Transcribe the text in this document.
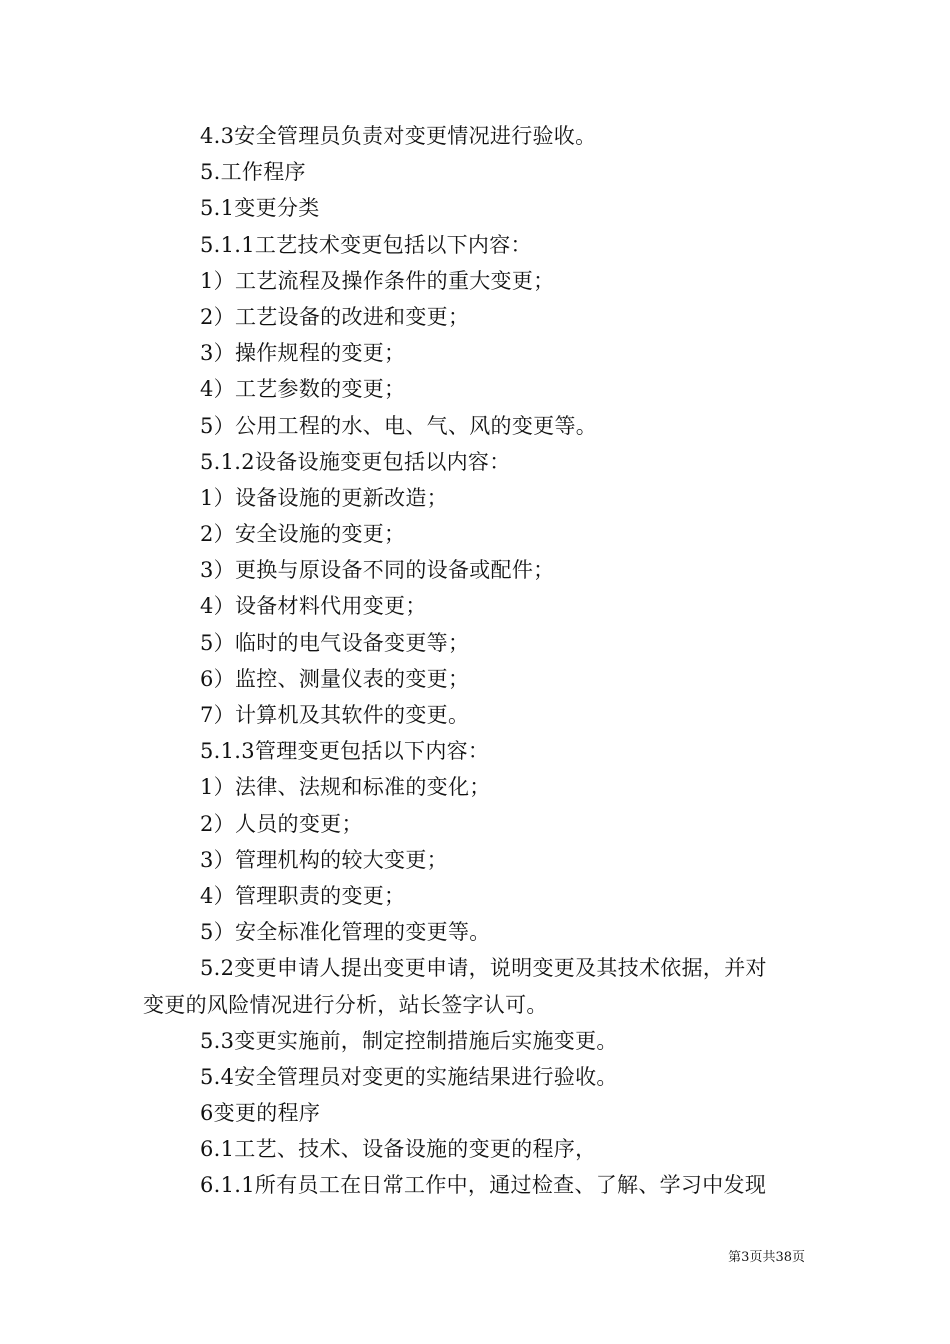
4.3安全管理员负责对变更情况进行验收。
5.工作程序
5.1变更分类
5.1.1工艺技术变更包括以下内容：
1）工艺流程及操作条件的重大变更；
2）工艺设备的改进和变更；
3）操作规程的变更；
4）工艺参数的变更；
5）公用工程的水、电、气、风的变更等。
5.1.2设备设施变更包括以内容：
1）设备设施的更新改造；
2）安全设施的变更；
3）更换与原设备不同的设备或配件；
4）设备材料代用变更；
5）临时的电气设备变更等；
6）监控、测量仪表的变更；
7）计算机及其软件的变更。
5.1.3管理变更包括以下内容：
1）法律、法规和标准的变化；
2）人员的变更；
3）管理机构的较大变更；
4）管理职责的变更；
5）安全标准化管理的变更等。
5.2变更申请人提出变更申请，说明变更及其技术依据，并对
变更的风险情况进行分析，站长签字认可。
5.3变更实施前，制定控制措施后实施变更。
5.4安全管理员对变更的实施结果进行验收。
6变更的程序
6.1工艺、技术、设备设施的变更的程序，
6.1.1所有员工在日常工作中，通过检查、了解、学习中发现
第3页共38页
